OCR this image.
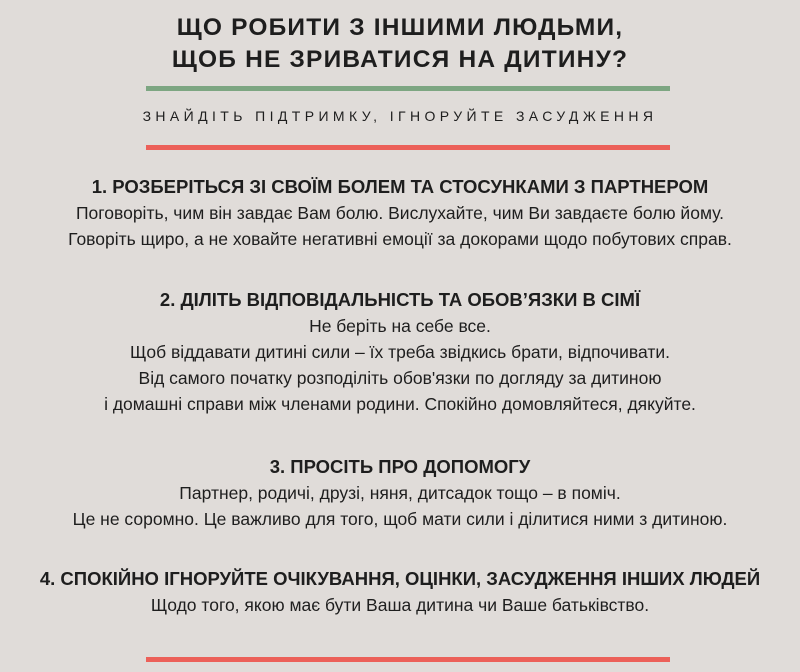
ЩО РОБИТИ З ІНШИМИ ЛЮДЬМИ,
ЩОБ НЕ ЗРИВАТИСЯ НА ДИТИНУ?
ЗНАЙДІТЬ ПІДТРИМКУ, ІГНОРУЙТЕ ЗАСУДЖЕННЯ
1. РОЗБЕРІТЬСЯ ЗІ СВОЇМ БОЛЕМ ТА СТОСУНКАМИ З ПАРТНЕРОМ
Поговоріть, чим він завдає Вам болю. Вислухайте, чим Ви завдаєте болю йому.
Говоріть щиро, а не ховайте негативні емоції за докорами щодо побутових справ.
2. ДІЛІТЬ ВІДПОВІДАЛЬНІСТЬ ТА ОБОВ’ЯЗКИ В СІМЇ
Не беріть на себе все.
Щоб віддавати дитині сили – їх треба звідкись брати, відпочивати.
Від самого початку розподіліть обов'язки по догляду за дитиною
і домашні справи між членами родини. Спокійно домовляйтеся, дякуйте.
3. ПРОСІТЬ ПРО ДОПОМОГУ
Партнер, родичі, друзі, няня, дитсадок тощо – в поміч.
Це не соромно. Це важливо для того, щоб мати сили і ділитися ними з дитиною.
4. СПОКІЙНО ІГНОРУЙТЕ ОЧІКУВАННЯ, ОЦІНКИ, ЗАСУДЖЕННЯ ІНШИХ ЛЮДЕЙ
Щодо того, якою має бути Ваша дитина чи Ваше батьківство.
